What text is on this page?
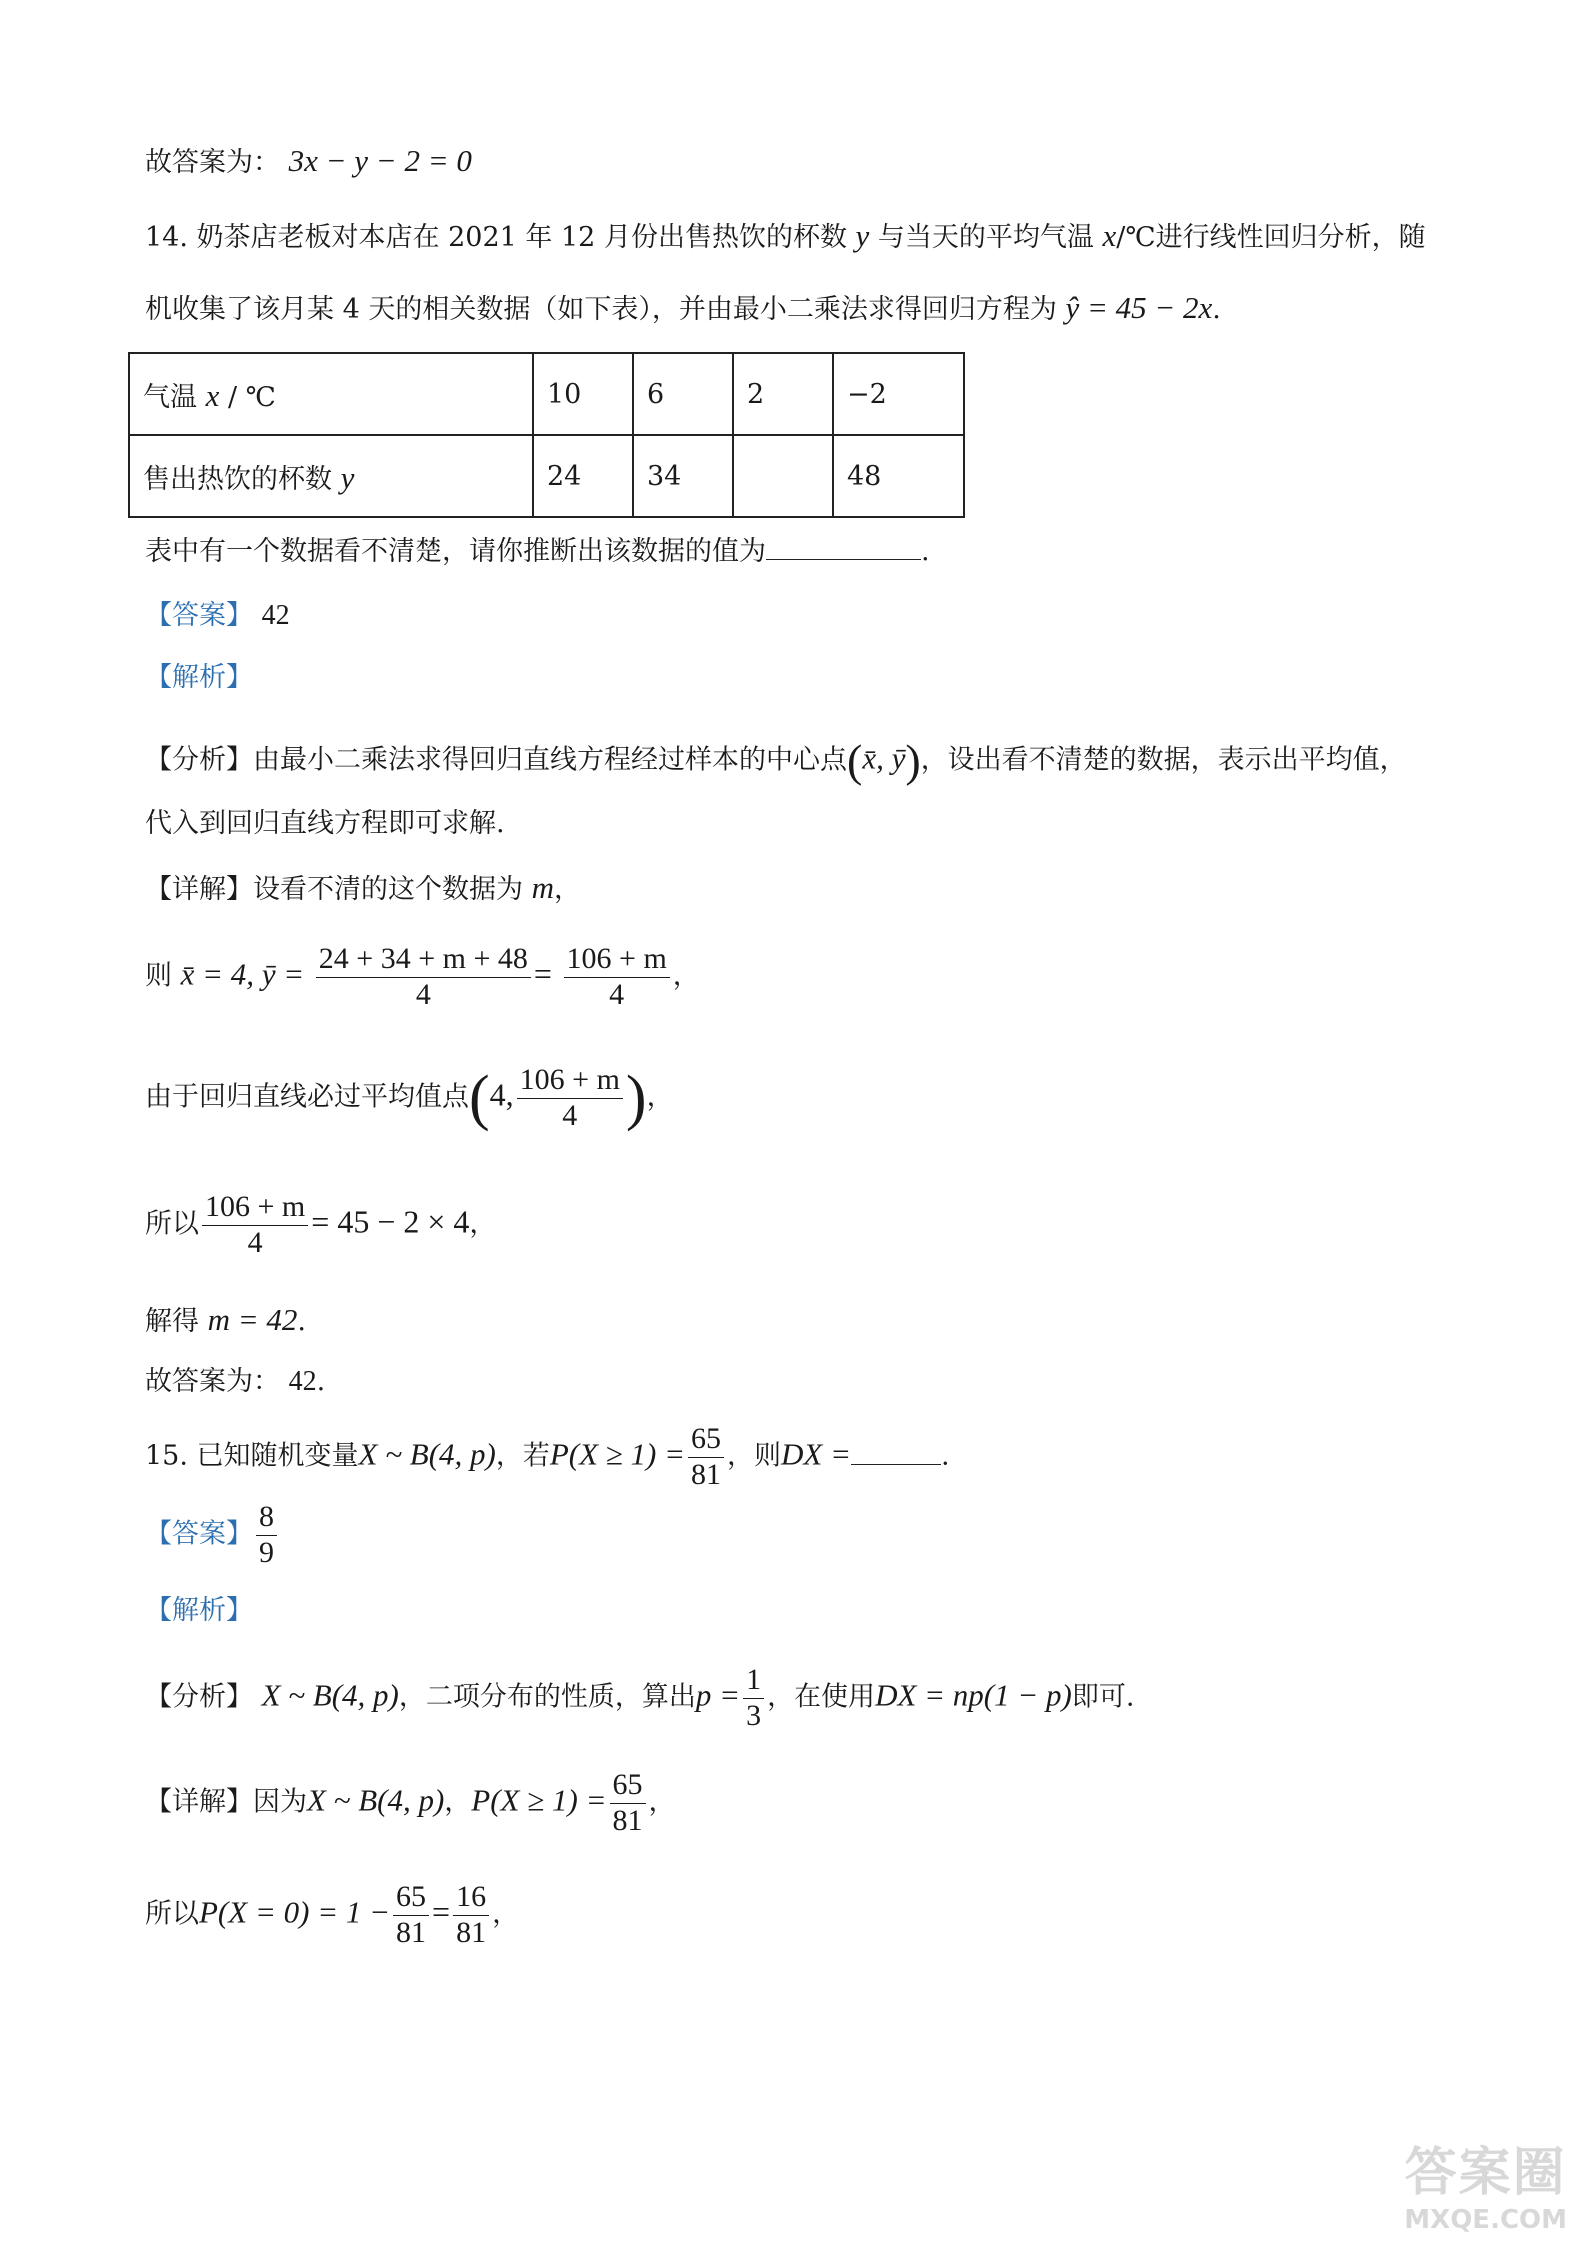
故答案为： 3x − y − 2 = 0
14. 奶茶店老板对本店在 2021 年 12 月份出售热饮的杯数 y 与当天的平均气温 x/℃进行线性回归分析，随
机收集了该月某 4 天的相关数据（如下表），并由最小二乘法求得回归方程为 ŷ = 45 − 2x.
气温 x / ℃	10	6	2	−2
售出热饮的杯数 y	24	34		48
表中有一个数据看不清楚，请你推断出该数据的值为	.
【答案】 42
【解析】
【分析】由最小二乘法求得回归直线方程经过样本的中心点(x̄, ȳ)，设出看不清楚的数据，表示出平均值，
代入到回归直线方程即可求解.
【详解】设看不清的这个数据为 m，
则 x̄ = 4, ȳ = $\frac{24 + 34 + m + 48}{4} = \frac{106 + m}{4}$ ，
由于回归直线必过平均值点(4, $\frac{106 + m}{4}$ )，
所以 $\frac{106 + m}{4} = 45 - 2 \times 4$，
解得 m = 42.
故答案为： 42.
15. 已知随机变量X ~ B(4, p)，若$P(X \ge 1) = \frac{65}{81}$ ，则DX =	.
【答案】 $\frac{8}{9}$
【解析】
【分析】 X ~ B(4, p)，二项分布的性质，算出$p = \frac{1}{3}$ ，在使用DX = np(1 − p)即可.
【详解】因为X ~ B(4, p)，$P(X \ge 1) = \frac{65}{81}$ ，
所以$P(X = 0) = 1 - \frac{65}{81} = \frac{16}{81}$ ，
答案圈
MXQE.COM
